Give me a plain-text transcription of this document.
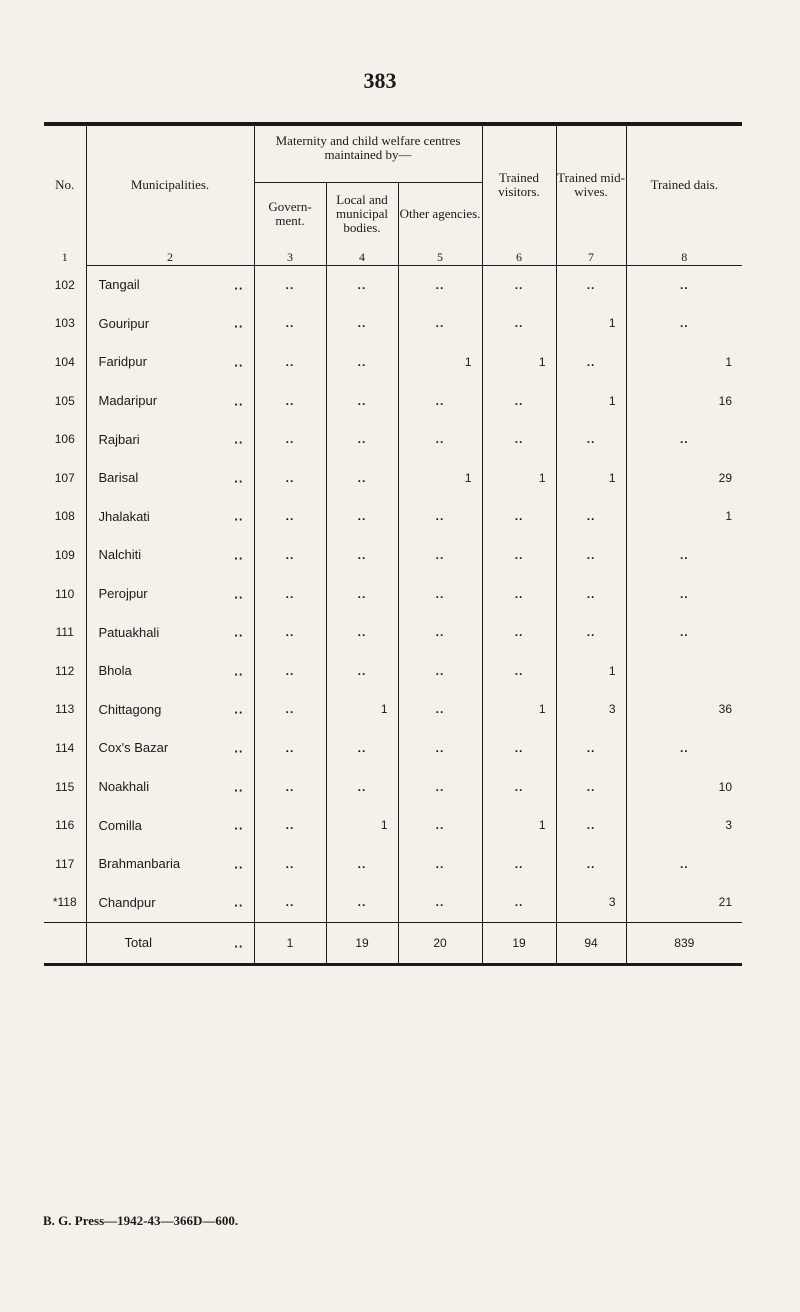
383
No.	Municipalities.	Maternity and child welfare centres maintained by—			Trained visitors.	Trained mid-wives.	Trained dais.
		Govern-ment.	Local and municipal bodies.	Other agencies.			
1	2	3	4	5	6	7	8
102	Tangail ..	..	..	..	..	..	..
103	Gouripur ..	..	..	..	..	1	..
104	Faridpur ..	..	..	1	1	..	1
105	Madaripur ..	..	..	..	..	1	16
106	Rajbari ..	..	..	..	..	..	..
107	Barisal ..	..	..	1	1	1	29
108	Jhalakati ..	..	..	..	..	..	1
109	Nalchiti ..	..	..	..	..	..	..
110	Perojpur ..	..	..	..	..	..	..
111	Patuakhali ..	..	..	..	..	..	..
112	Bhola ..	..	..	..	..	1	
113	Chittagong ..	..	1	..	1	3	36
114	Cox's Bazar ..	..	..	..	..	..	..
115	Noakhali ..	..	..	..	..	..	10
116	Comilla ..	..	1	..	1	..	3
117	Brahmanbaria ..	..	..	..	..	..	..
*118	Chandpur ..	..	..	..	..	3	21
	Total ..	1	19	20	19	94	839
B. G. Press—1942-43—366D—600.
